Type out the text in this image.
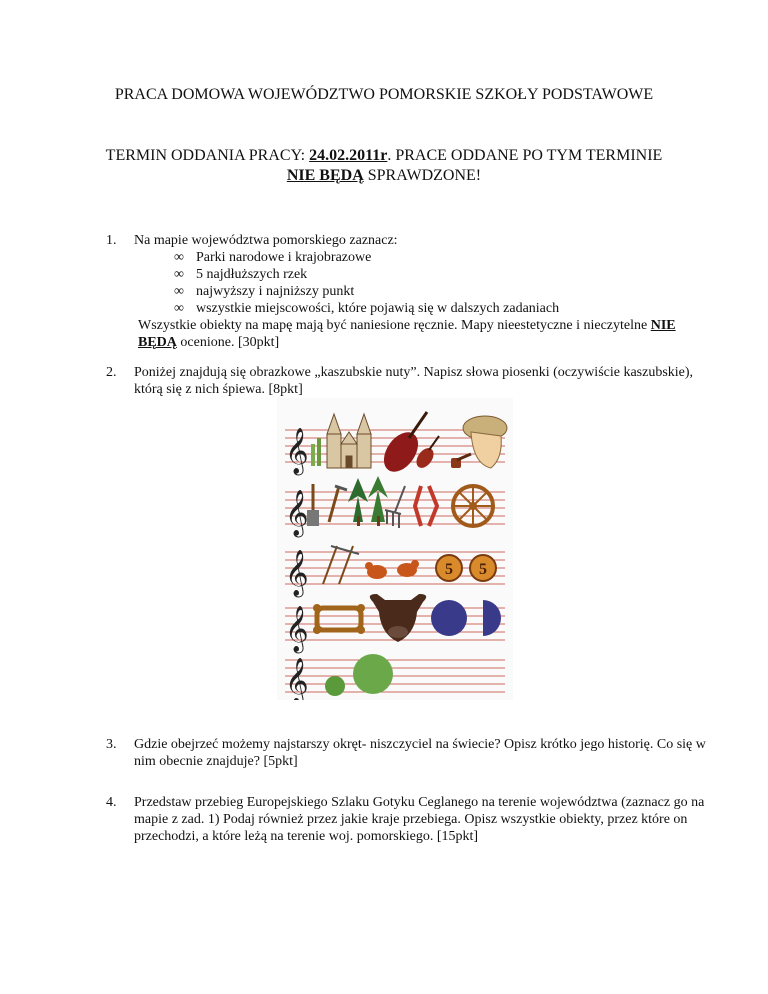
PRACA DOMOWA WOJEWÓDZTWO POMORSKIE SZKOŁY PODSTAWOWE
TERMIN ODDANIA PRACY: 24.02.2011r. PRACE ODDANE PO TYM TERMINIE
NIE BĘDĄ SPRAWDZONE!
1. Na mapie województwa pomorskiego zaznacz:
∞ Parki narodowe i krajobrazowe
∞ 5 najdłuższych rzek
∞ najwyższy i najniższy punkt
∞ wszystkie miejscowości, które pojawią się w dalszych zadaniach
Wszystkie obiekty na mapę mają być naniesione ręcznie. Mapy nieestetyczne i nieczytelne NIE BĘDĄ ocenione. [30pkt]
2. Poniżej znajdują się obrazkowe „kaszubskie nuty”. Napisz słowa piosenki (oczywiście kaszubskie), którą się z nich śpiewa. [8pkt]
5 5
𝄞
𝄞
𝄞
𝄞
𝄞
3. Gdzie obejrzeć możemy najstarszy okręt- niszczyciel na świecie? Opisz krótko jego historię. Co się w nim obecnie znajduje? [5pkt]
4. Przedstaw przebieg Europejskiego Szlaku Gotyku Ceglanego na terenie województwa (zaznacz go na mapie z zad. 1) Podaj również przez jakie kraje przebiega. Opisz wszystkie obiekty, przez które on przechodzi, a które leżą na terenie woj. pomorskiego. [15pkt]
